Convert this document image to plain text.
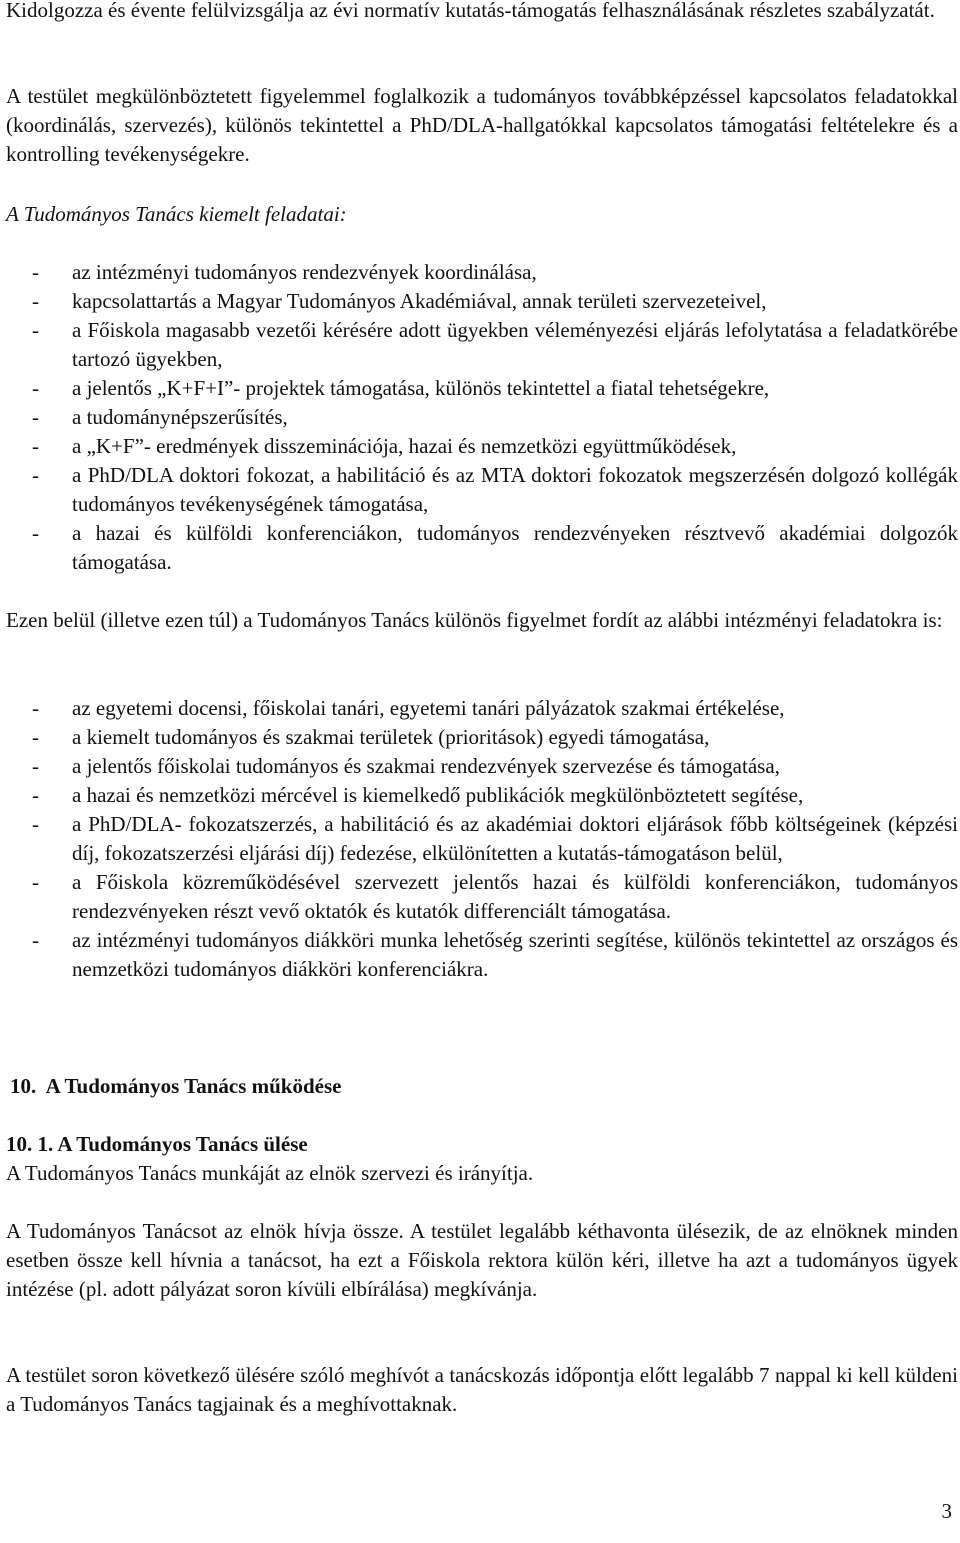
Kidolgozza és évente felülvizsgálja az évi normatív kutatás-támogatás felhasználásának részletes szabályzatát.

A testület megkülönböztetett figyelemmel foglalkozik a tudományos továbbképzéssel kapcsolatos feladatokkal (koordinálás, szervezés), különös tekintettel a PhD/DLA-hallgatókkal kapcsolatos támogatási feltételekre és a kontrolling tevékenységekre.

A Tudományos Tanács kiemelt feladatai:

- az intézményi tudományos rendezvények koordinálása,
- kapcsolattartás a Magyar Tudományos Akadémiával, annak területi szervezeteivel,
- a Főiskola magasabb vezetői kérésére adott ügyekben véleményezési eljárás lefolytatása a feladatkörébe tartozó ügyekben,
- a jelentős „K+F+I”- projektek támogatása, különös tekintettel a fiatal tehetségekre,
- a tudománynépszerűsítés,
- a „K+F”- eredmények disszeminációja, hazai és nemzetközi együttműködések,
- a PhD/DLA doktori fokozat, a habilitáció és az MTA doktori fokozatok megszerzésén dolgozó kollégák tudományos tevékenységének támogatása,
- a hazai és külföldi konferenciákon, tudományos rendezvényeken résztvevő akadémiai dolgozók támogatása.

Ezen belül (illetve ezen túl) a Tudományos Tanács különös figyelmet fordít az alábbi intézményi feladatokra is:

- az egyetemi docensi, főiskolai tanári, egyetemi tanári pályázatok szakmai értékelése,
- a kiemelt tudományos és szakmai területek (prioritások) egyedi támogatása,
- a jelentős főiskolai tudományos és szakmai rendezvények szervezése és támogatása,
- a hazai és nemzetközi mércével is kiemelkedő publikációk megkülönböztetett segítése,
- a PhD/DLA- fokozatszerzés, a habilitáció és az akadémiai doktori eljárások főbb költségeinek (képzési díj, fokozatszerzési eljárási díj) fedezése, elkülönítetten a kutatás-támogatáson belül,
- a Főiskola közreműködésével szervezett jelentős hazai és külföldi konferenciákon, tudományos rendezvényeken részt vevő oktatók és kutatók differenciált támogatása.
- az intézményi tudományos diákköri munka lehetőség szerinti segítése, különös tekintettel az országos és nemzetközi tudományos diákköri konferenciákra.
10.  A Tudományos Tanács működése
10. 1. A Tudományos Tanács ülése

A Tudományos Tanács munkáját az elnök szervezi és irányítja.

A Tudományos Tanácsot az elnök hívja össze. A testület legalább kéthavonta ülésezik, de az elnöknek minden esetben össze kell hívnia a tanácsot, ha ezt a Főiskola rektora külön kéri, illetve ha azt a tudományos ügyek intézése (pl. adott pályázat soron kívüli elbírálása) megkívánja.

A testület soron következő ülésére szóló meghívót a tanácskozás időpontja előtt legalább 7 nappal ki kell küldeni a Tudományos Tanács tagjainak és a meghívottaknak.

3
